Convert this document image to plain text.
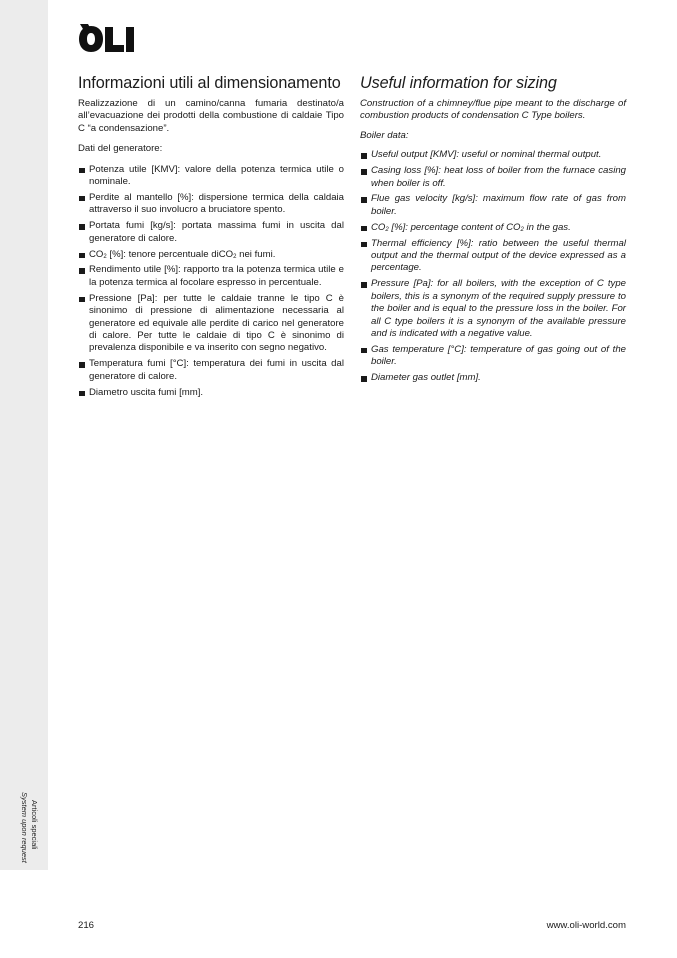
Articoli speciali
System upon request
Informazioni utili al dimensionamento

Realizzazione di un camino/canna fumaria destinato/a all’evacuazione dei prodotti della combustione di caldaie Tipo C “a condensazione”.

Dati del generatore:

Potenza utile [KMV]: valore della potenza termica utile o nominale.
Perdite al mantello [%]: dispersione termica della caldaia attraverso il suo involucro a bruciatore spento.
Portata fumi [kg/s]: portata massima fumi in uscita dal generatore di calore.
$CO_2$ [%]: tenore percentuale diCO$_2$ nei fumi.
Rendimento utile [%]: rapporto tra la potenza termica utile e la potenza termica al focolare espresso in percentuale.
Pressione [Pa]: per tutte le caldaie tranne le tipo C è sinonimo di pressione di alimentazione necessaria al generatore ed equivale alle perdite di carico nel generatore di calore. Per tutte le caldaie di tipo C è sinonimo di prevalenza disponibile e va inserito con segno negativo.
Temperatura fumi [°C]: temperatura dei fumi in uscita dal generatore di calore.
Diametro uscita fumi [mm].
Useful information for sizing

Construction of a chimney/flue pipe meant to the discharge of combustion products of condensation C Type boilers.

Boiler data:

Useful output [KMV]: useful or nominal thermal output.
Casing loss [%]: heat loss of boiler from the furnace casing when boiler is off.
Flue gas velocity [kg/s]: maximum flow rate of gas from boiler.
$CO_2$ [%]: percentage content of $CO_2$ in the gas.
Thermal efficiency [%]: ratio between the useful thermal output and the thermal output of the device expressed as a percentage.
Pressure [Pa]: for all boilers, with the exception of C type boilers, this is a synonym of the required supply pressure to the boiler and is equal to the pressure loss in the boiler. For all C type boilers it is a synonym of the available pressure and is indicated with a negative value.
Gas temperature [°C]: temperature of gas going out of the boiler.
Diameter gas outlet [mm].
216	www.oli-world.com
